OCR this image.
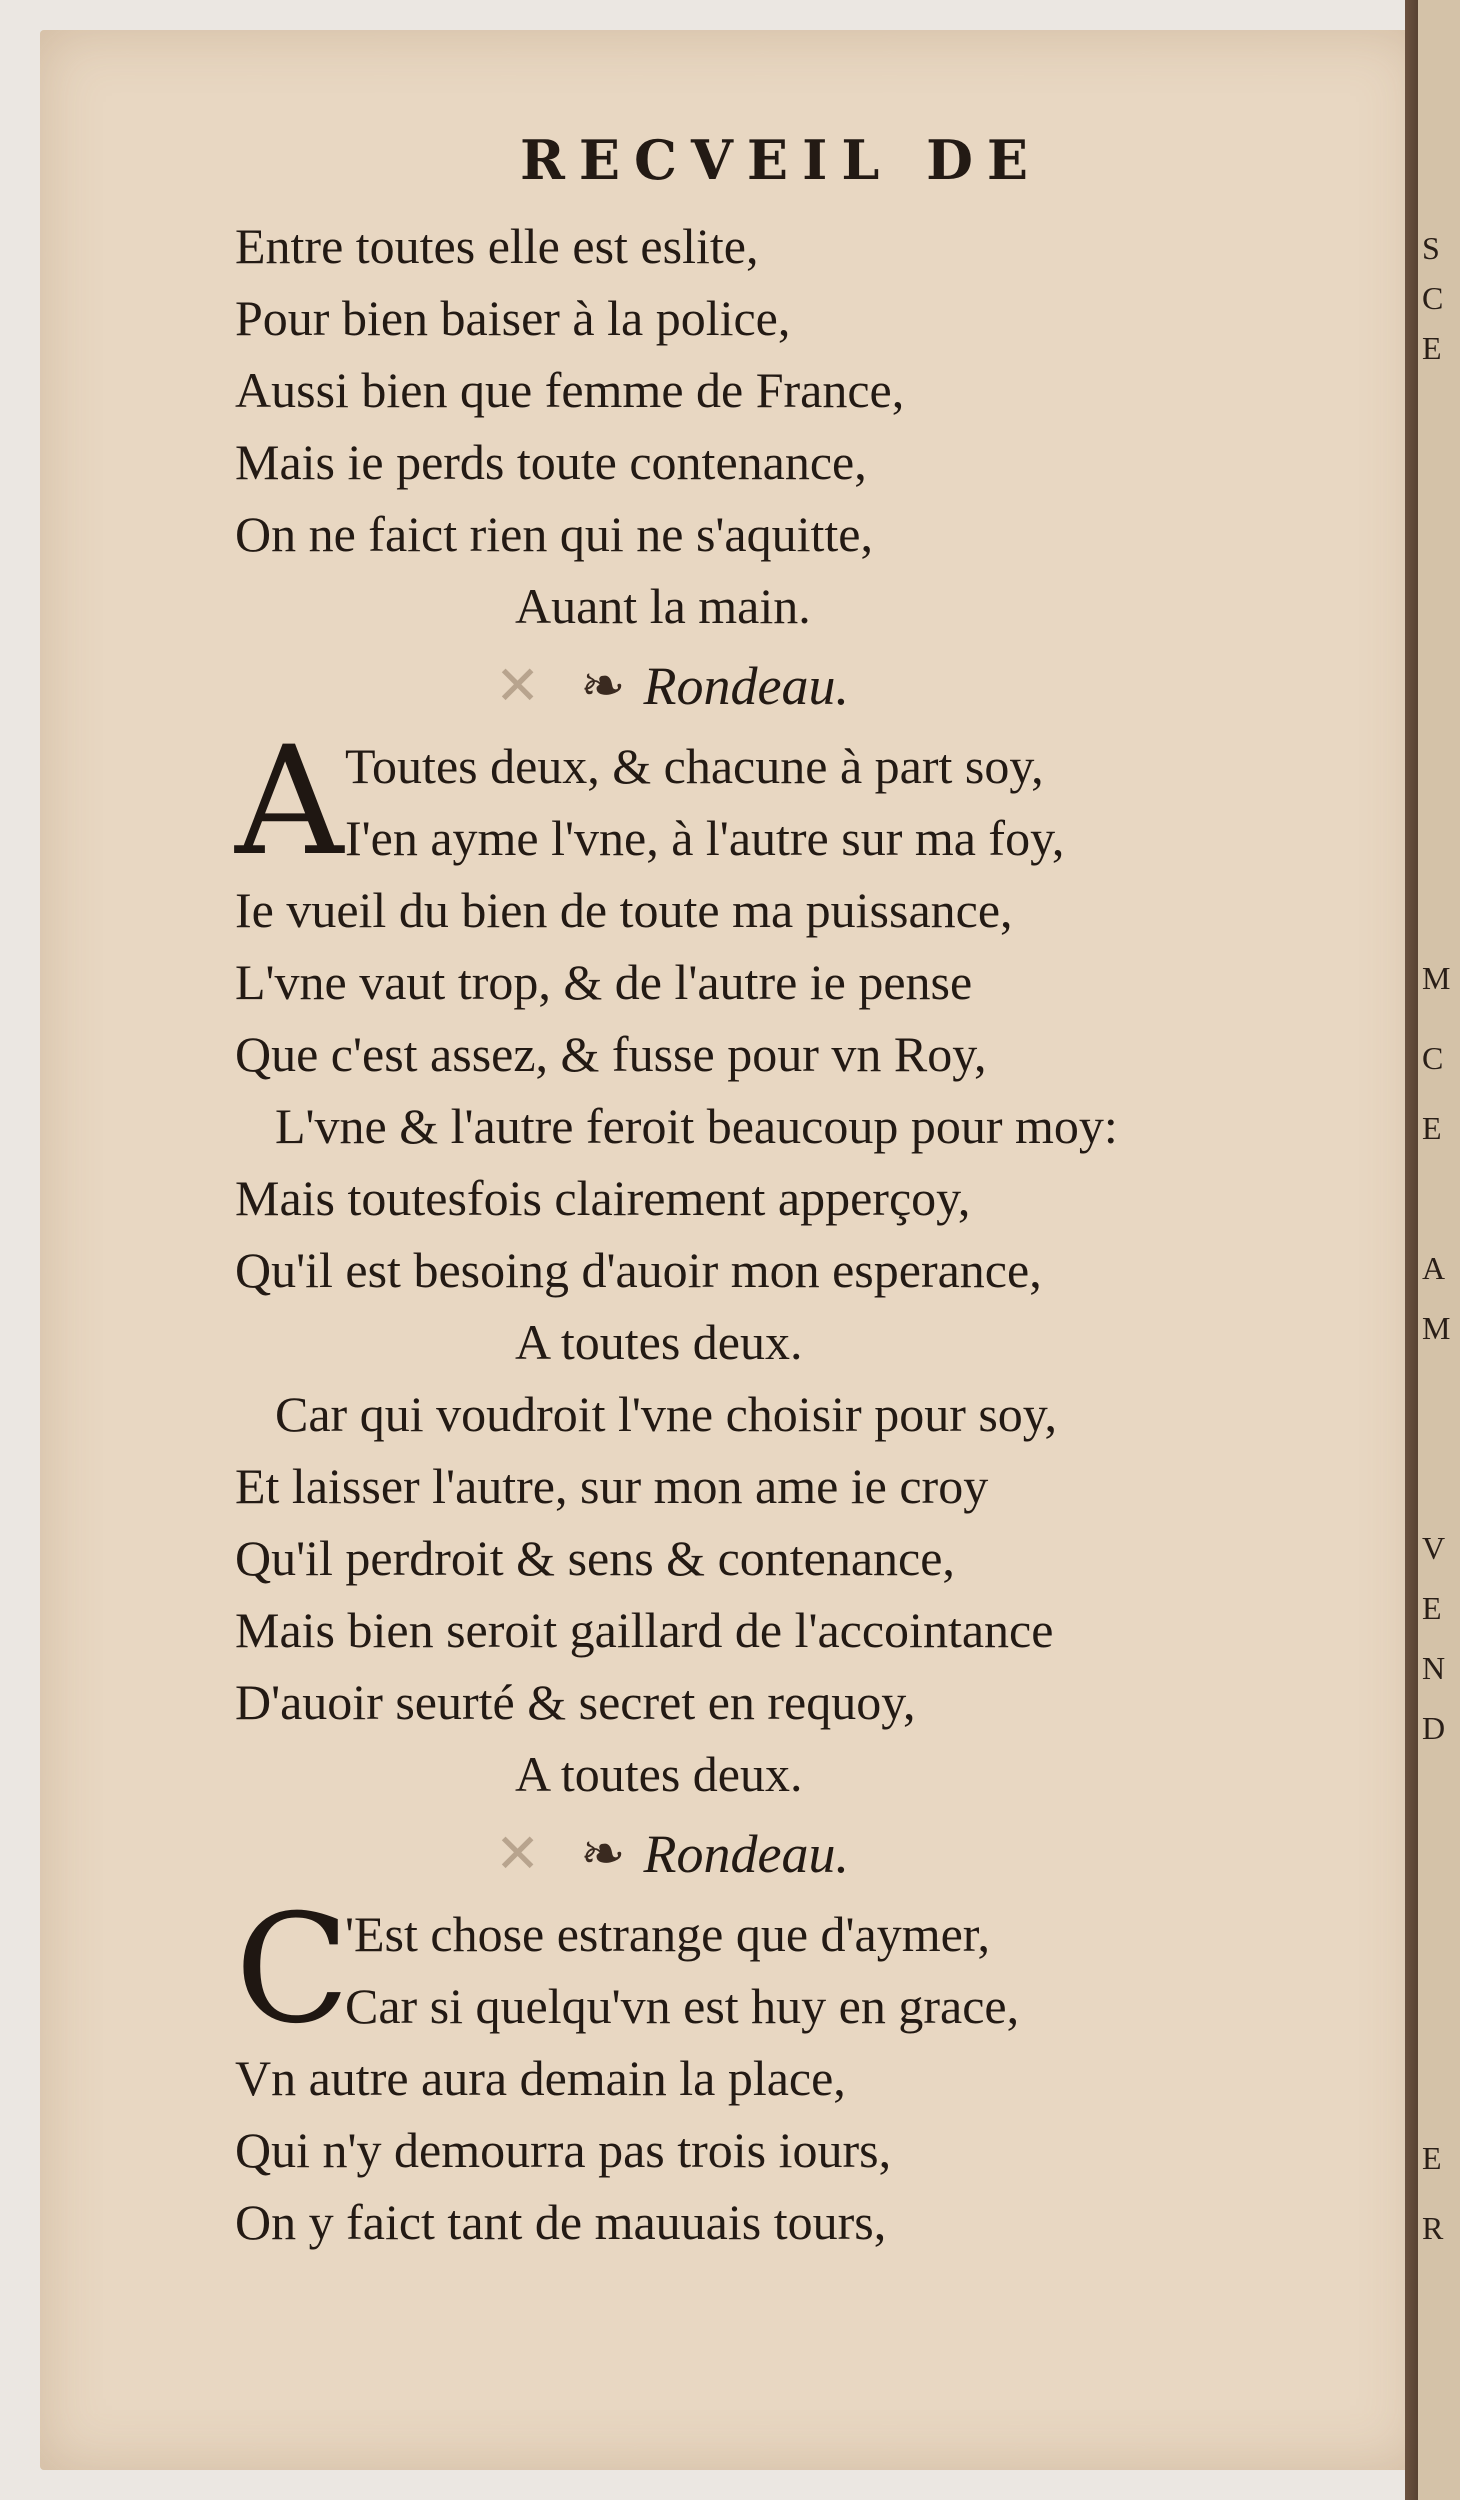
RECVEIL DE
Entre toutes elle est eslite,
Pour bien baiser à la police,
Aussi bien que femme de France,
Mais ie perds toute contenance,
On ne faict rien qui ne s'aquitte,
Auant la main.
✕ ❧ Rondeau.
A Toutes deux, & chacune à part soy,
I'en ayme l'vne, à l'autre sur ma foy,
Ie vueil du bien de toute ma puissance,
L'vne vaut trop, & de l'autre ie pense
Que c'est assez, & fusse pour vn Roy,
L'vne & l'autre feroit beaucoup pour moy:
Mais toutesfois clairement apperçoy,
Qu'il est besoing d'auoir mon esperance,
A toutes deux.
Car qui voudroit l'vne choisir pour soy,
Et laisser l'autre, sur mon ame ie croy
Qu'il perdroit & sens & contenance,
Mais bien seroit gaillard de l'accointance
D'auoir seurté & secret en requoy,
A toutes deux.
✕ ❧ Rondeau.
C
'Est chose estrange que d'aymer,
Car si quelqu'vn est huy en grace,
Vn autre aura demain la place,
Qui n'y demourra pas trois iours,
On y faict tant de mauuais tours,
S
C
E
M
C
E
A
M
V
E
N
D
E
R
